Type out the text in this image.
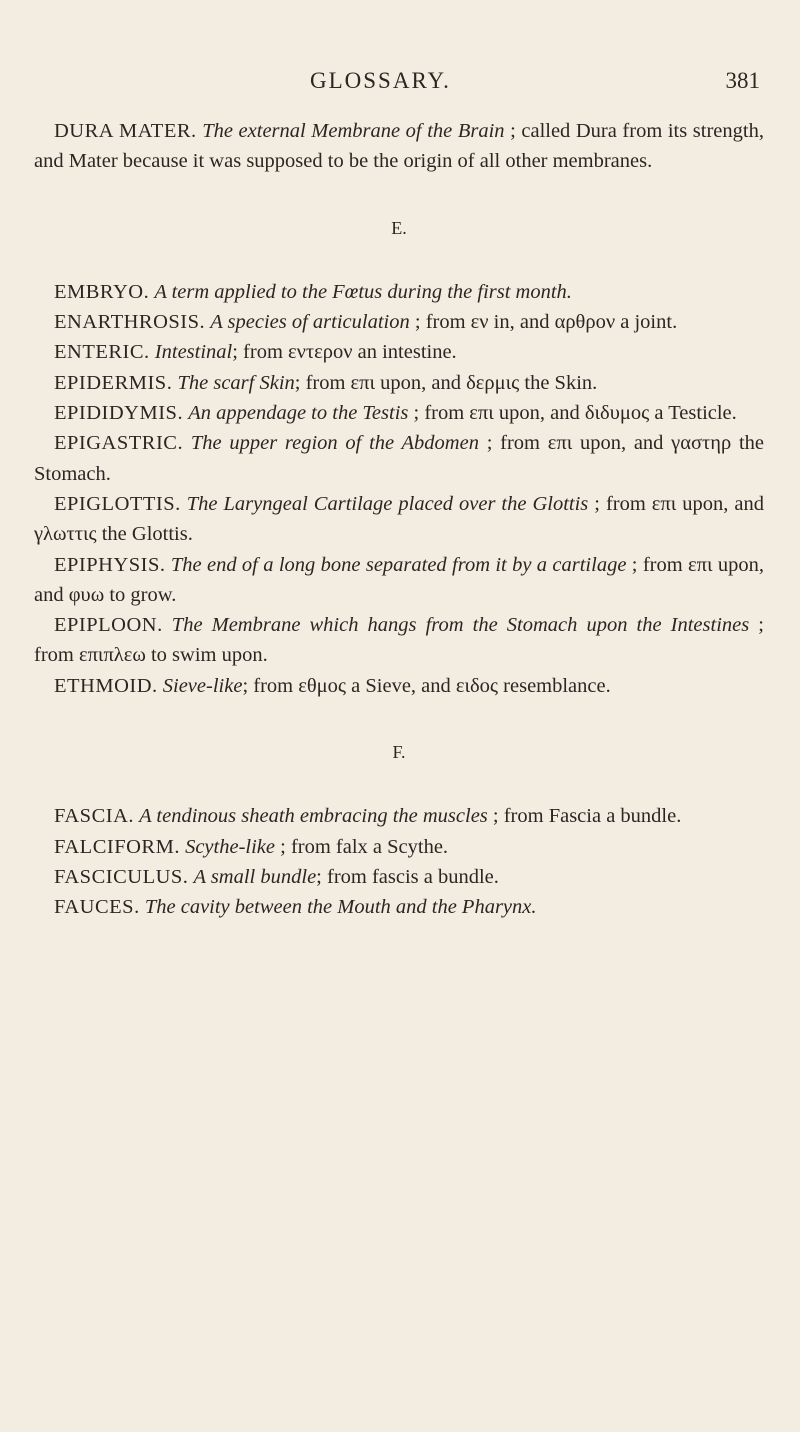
GLOSSARY.	381

DURA MATER. The external Membrane of the Brain ; called Dura from its strength, and Mater because it was supposed to be the origin of all other membranes.

E.

EMBRYO. A term applied to the Fœtus during the first month.

ENARTHROSIS. A species of articulation ; from εν in, and αρθρον a joint.

ENTERIC. Intestinal; from εντερον an intestine.

EPIDERMIS. The scarf Skin; from επι upon, and δερμις the Skin.

EPIDIDYMIS. An appendage to the Testis ; from επι upon, and διδυμος a Testicle.

EPIGASTRIC. The upper region of the Abdomen ; from επι upon, and γαστηρ the Stomach.

EPIGLOTTIS. The Laryngeal Cartilage placed over the Glottis ; from επι upon, and γλωττις the Glottis.

EPIPHYSIS. The end of a long bone separated from it by a cartilage ; from επι upon, and φυω to grow.

EPIPLOON. The Membrane which hangs from the Stomach upon the Intestines ; from επιπλεω to swim upon.

ETHMOID. Sieve-like; from εθμος a Sieve, and ειδος resemblance.

F.

FASCIA. A tendinous sheath embracing the muscles ; from Fascia a bundle.

FALCIFORM. Scythe-like ; from falx a Scythe.

FASCICULUS. A small bundle; from fascis a bundle.

FAUCES. The cavity between the Mouth and the Pharynx.
